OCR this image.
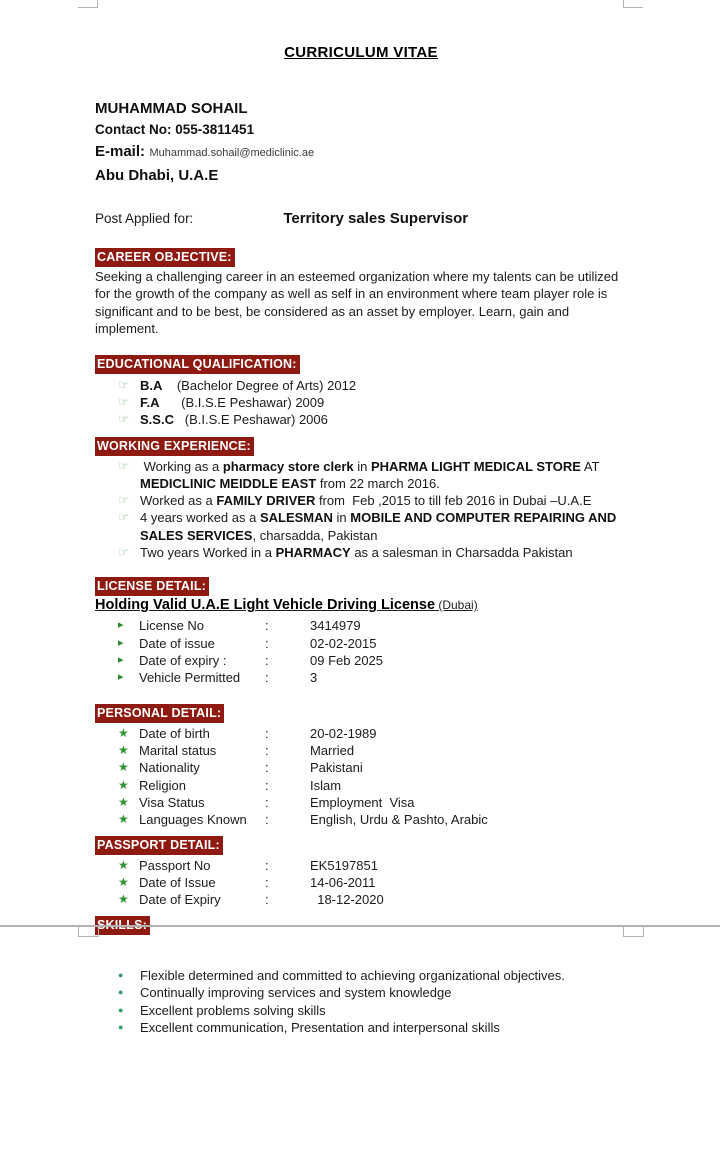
CURRICULUM VITAE
MUHAMMAD SOHAIL
Contact No: 055-3811451
E-mail: Muhammad.sohail@mediclinic.ae
Abu Dhabi, U.A.E
Post Applied for:	Territory sales Supervisor
CAREER OBJECTIVE:
Seeking a challenging career in an esteemed organization where my talents can be utilized for the growth of the company as well as self in an environment where team player role is significant and to be best, be considered as an asset by employer. Learn, gain and implement.
EDUCATIONAL QUALIFICATION:
☞ B.A    (Bachelor Degree of Arts) 2012
☞ F.A      (B.I.S.E Peshawar) 2009
☞ S.S.C   (B.I.S.E Peshawar) 2006
WORKING EXPERIENCE:
☞ Working as a pharmacy store clerk in PHARMA LIGHT MEDICAL STORE AT MEDICLINIC MEIDDLE EAST from 22 march 2016.
☞ Worked as a FAMILY DRIVER from  Feb ,2015 to till feb 2016 in Dubai –U.A.E
☞ 4 years worked as a SALESMAN in MOBILE AND COMPUTER REPAIRING AND SALES SERVICES, charsadda, Pakistan
☞ Two years Worked in a PHARMACY as a salesman in Charsadda Pakistan
LICENSE DETAIL:
Holding Valid U.A.E Light Vehicle Driving License (Dubai)
▸	License No	:	3414979
▸	Date of issue	:	02-02-2015
▸	Date of expiry :	:	09 Feb 2025
▸	Vehicle Permitted	:	3
PERSONAL DETAIL:
★ Date of birth	:	20-02-1989
★ Marital status	:	Married
★ Nationality	:	Pakistani
★ Religion	:	Islam
★ Visa Status	:	Employment  Visa
★ Languages Known	:	English, Urdu & Pashto, Arabic
PASSPORT DETAIL:
★ Passport No	:	EK5197851
★ Date of Issue	:	14-06-2011
★ Date of Expiry	:	18-12-2020
SKILLS:
●	Flexible determined and committed to achieving organizational objectives.
●	Continually improving services and system knowledge
●	Excellent problems solving skills
●	Excellent communication, Presentation and interpersonal skills
